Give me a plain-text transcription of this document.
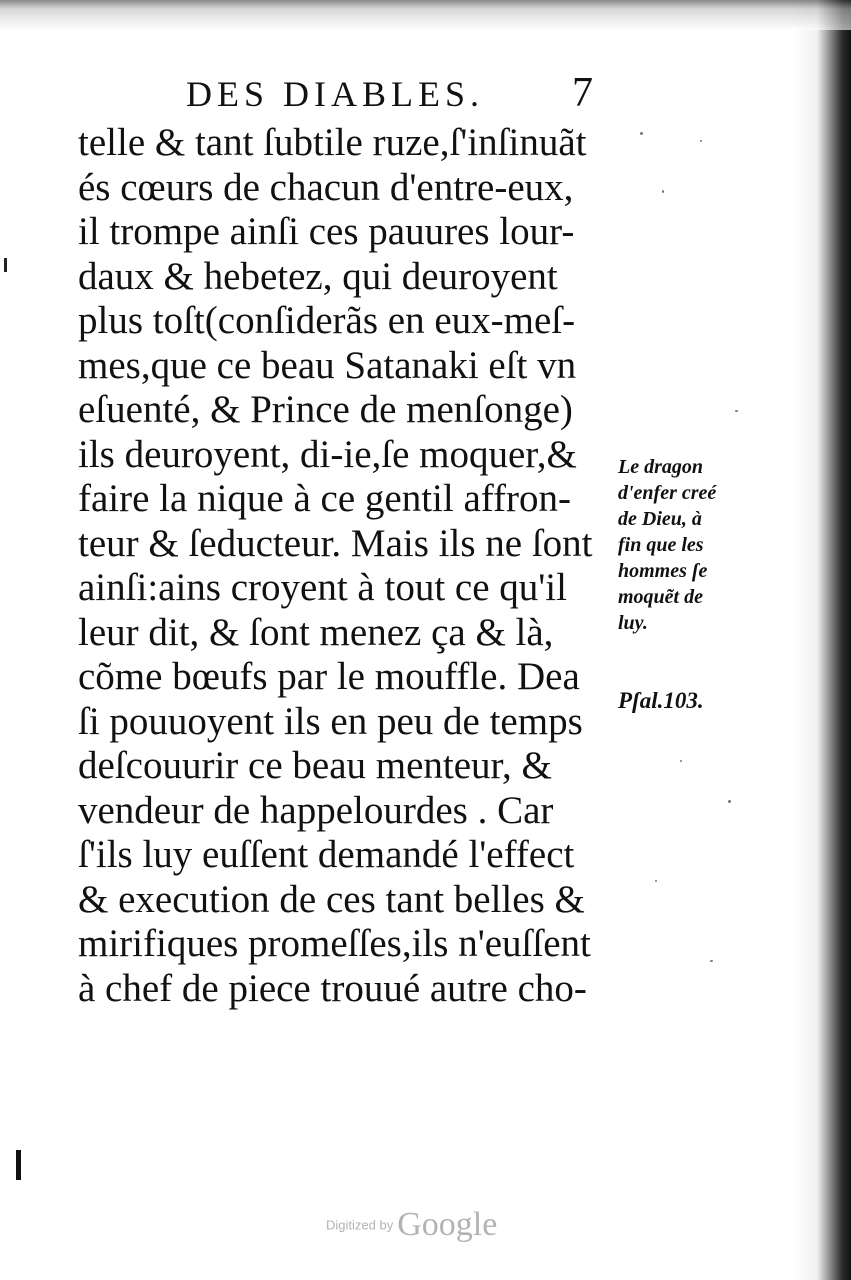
DES DIABLES. 7
telle & tant ſubtile ruze,ſ'inſinuãt
és cœurs de chacun d'entre-eux,
il trompe ainſi ces pauures lour-
daux & hebetez, qui deuroyent
plus toſt(conſiderãs en eux-meſ-
mes,que ce beau Satanaki eſt vn
eſuenté, & Prince de menſonge)
ils deuroyent, di-ie,ſe moquer,&
faire la nique à ce gentil affron-
teur & ſeducteur. Mais ils ne ſont
ainſi:ains croyent à tout ce qu'il
leur dit, & ſont menez ça & là,
cõme bœufs par le mouffle. Dea
ſi pouuoyent ils en peu de temps
deſcouurir ce beau menteur, &
vendeur de happelourdes . Car
ſ'ils luy euſſent demandé l'effect
& execution de ces tant belles &
mirifiques promeſſes,ils n'euſſent
à chef de piece trouué autre cho-
Le dragon
d'enfer creé
de Dieu, à
fin que les
hommes ſe
moquẽt de
luy.
Pſal.103.
Digitized by Google
